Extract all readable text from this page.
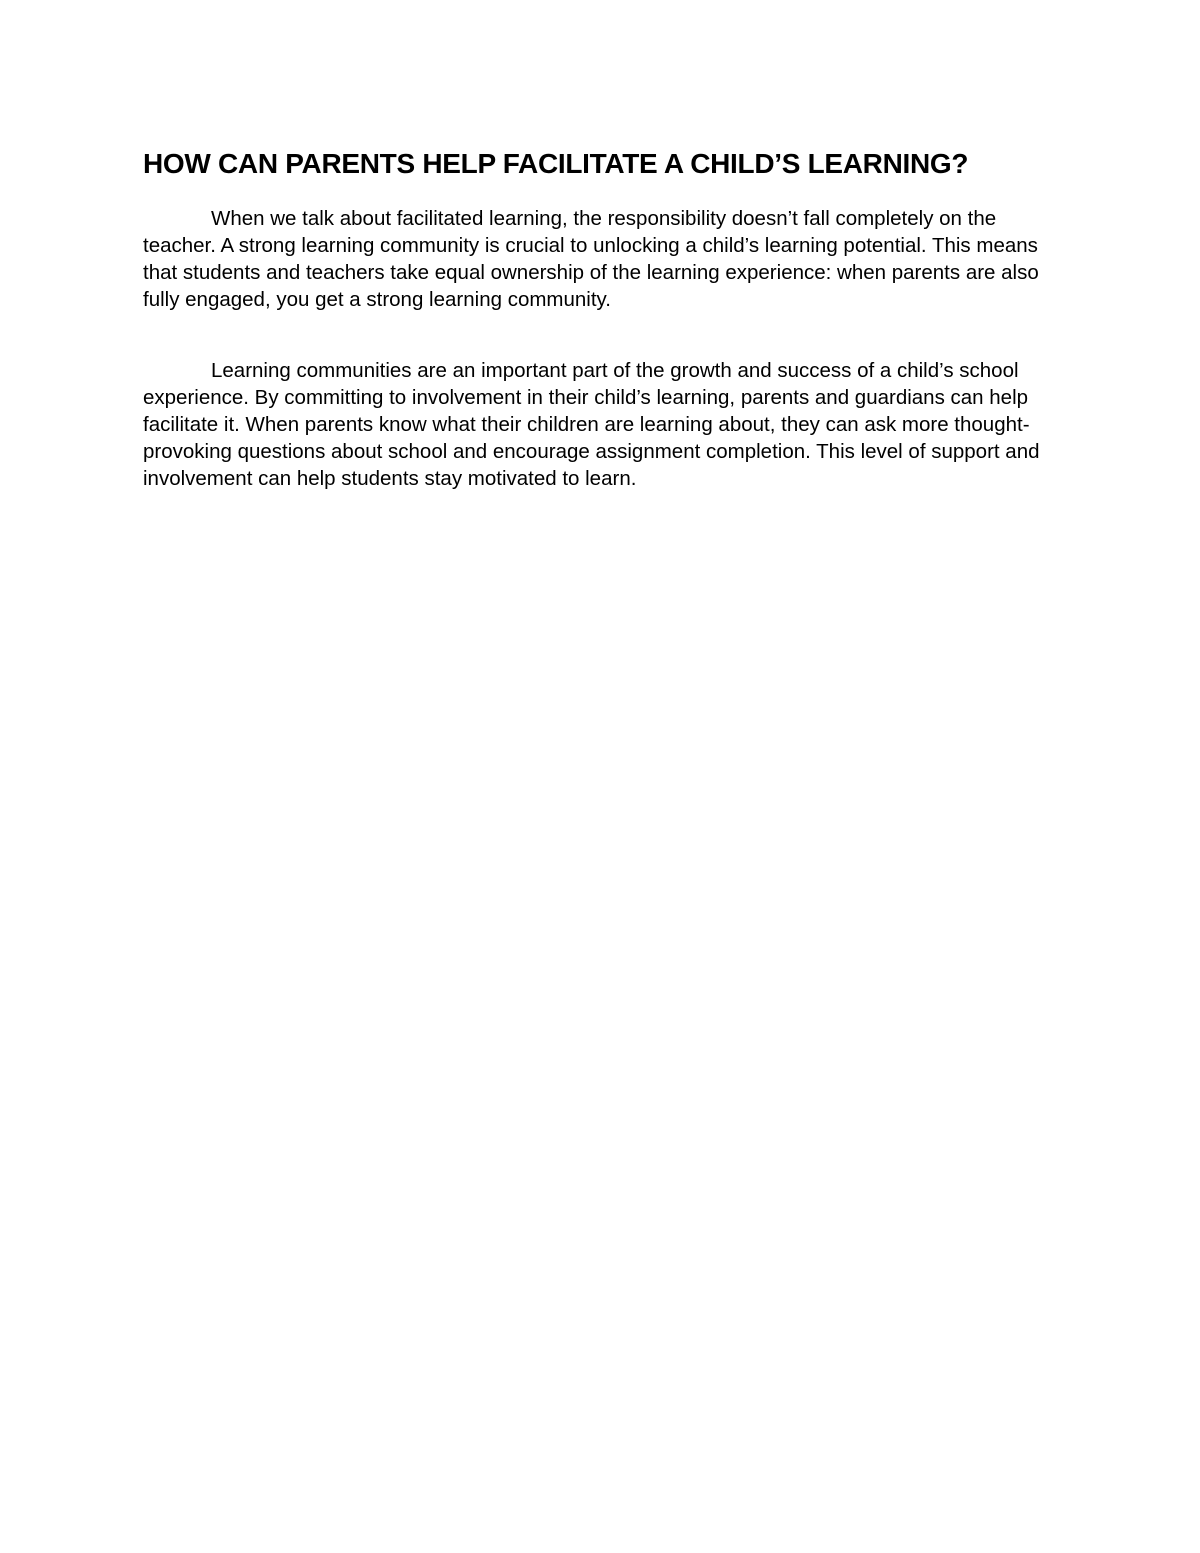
HOW CAN PARENTS HELP FACILITATE A CHILD’S LEARNING?

When we talk about facilitated learning, the responsibility doesn’t fall completely on the teacher. A strong learning community is crucial to unlocking a child’s learning potential. This means that students and teachers take equal ownership of the learning experience: when parents are also fully engaged, you get a strong learning community.

Learning communities are an important part of the growth and success of a child’s school experience. By committing to involvement in their child’s learning, parents and guardians can help facilitate it. When parents know what their children are learning about, they can ask more thought-provoking questions about school and encourage assignment completion. This level of support and involvement can help students stay motivated to learn.
